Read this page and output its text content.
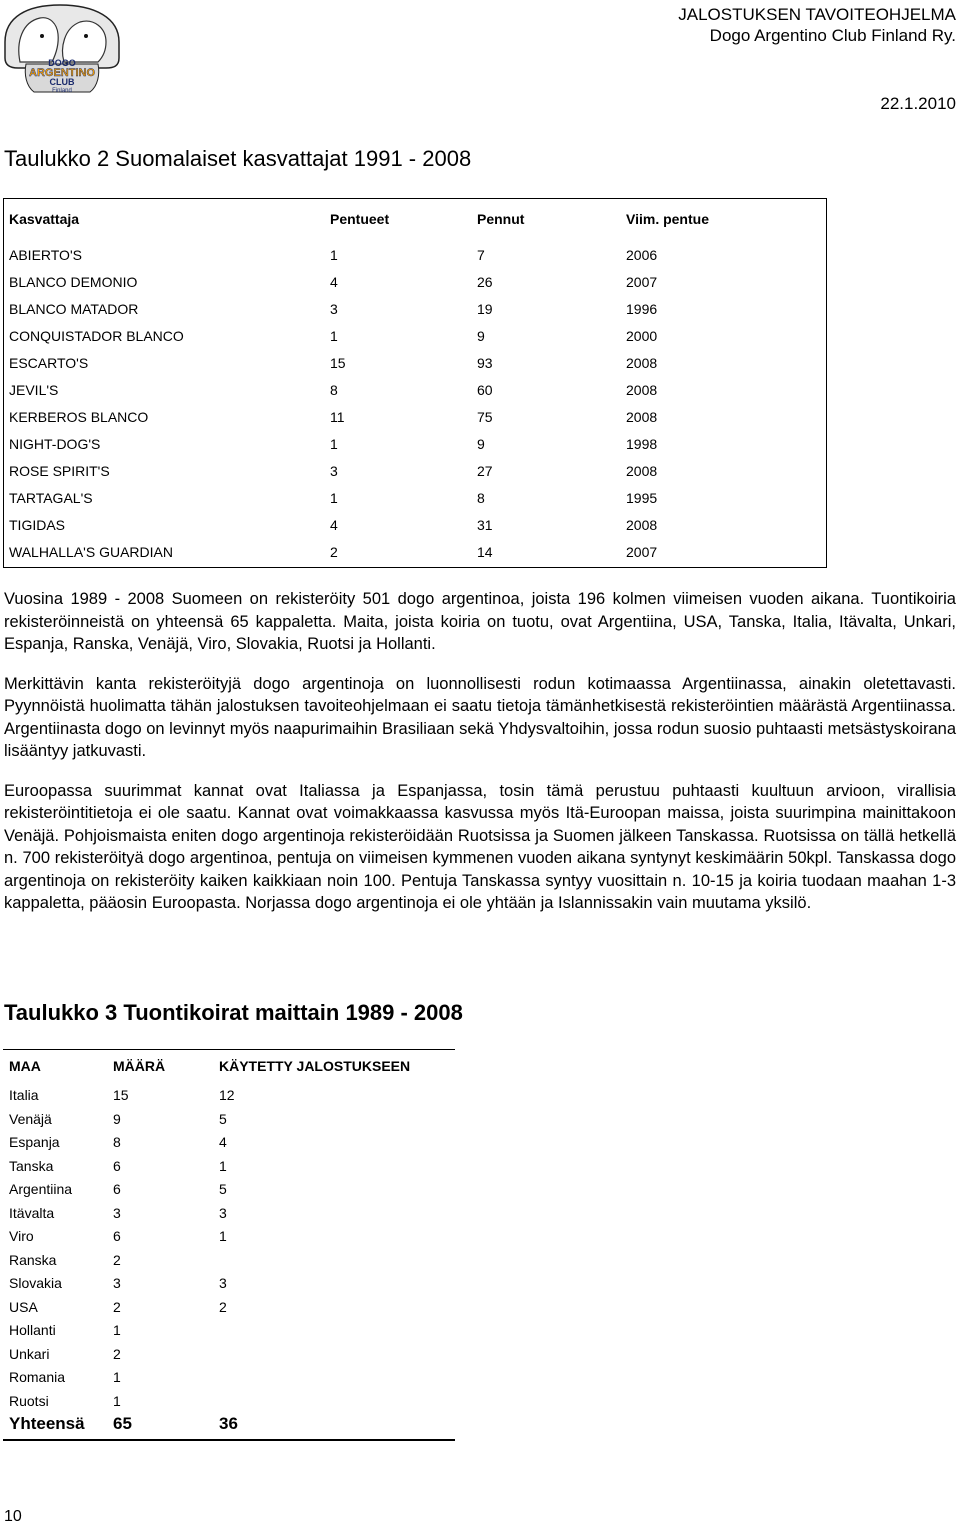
DOGO
ARGENTINO
CLUB
Finland
JALOSTUKSEN TAVOITEOHJELMA
Dogo Argentino Club Finland Ry.
22.1.2010
Taulukko 2 Suomalaiset kasvattajat 1991 - 2008
Kasvattaja	Pentueet	Pennut	Viim. pentue
ABIERTO'S	1	7	2006
BLANCO DEMONIO	4	26	2007
BLANCO MATADOR	3	19	1996
CONQUISTADOR BLANCO	1	9	2000
ESCARTO'S	15	93	2008
JEVIL'S	8	60	2008
KERBEROS BLANCO	11	75	2008
NIGHT-DOG'S	1	9	1998
ROSE SPIRIT'S	3	27	2008
TARTAGAL'S	1	8	1995
TIGIDAS	4	31	2008
WALHALLA'S GUARDIAN	2	14	2007

Vuosina 1989 - 2008 Suomeen on rekisteröity 501 dogo argentinoa, joista 196 kolmen viimeisen vuoden aikana. Tuontikoiria rekisteröinneistä on yhteensä 65 kappaletta. Maita, joista koiria on tuotu, ovat Argentiina, USA, Tanska, Italia, Itävalta, Unkari, Espanja, Ranska, Venäjä, Viro, Slovakia, Ruotsi ja Hollanti.

Merkittävin kanta rekisteröityjä dogo argentinoja on luonnollisesti rodun kotimaassa Argentiinassa, ainakin oletettavasti. Pyynnöistä huolimatta tähän jalostuksen tavoiteohjelmaan ei saatu tietoja tämänhetkisestä rekisteröintien määrästä Argentiinassa. Argentiinasta dogo on levinnyt myös naapurimaihin Brasiliaan sekä Yhdysvaltoihin, jossa rodun suosio puhtaasti metsästyskoirana lisääntyy jatkuvasti.

Euroopassa suurimmat kannat ovat Italiassa ja Espanjassa, tosin tämä perustuu puhtaasti kuultuun arvioon, virallisia rekisteröintitietoja ei ole saatu. Kannat ovat voimakkaassa kasvussa myös Itä-Euroopan maissa, joista suurimpina mainittakoon Venäjä. Pohjoismaista eniten dogo argentinoja rekisteröidään Ruotsissa ja Suomen jälkeen Tanskassa. Ruotsissa on tällä hetkellä n. 700 rekisteröityä dogo argentinoa, pentuja on viimeisen kymmenen vuoden aikana syntynyt keskimäärin 50kpl. Tanskassa dogo argentinoja on rekisteröity kaiken kaikkiaan noin 100. Pentuja Tanskassa syntyy vuosittain n. 10-15 ja koiria tuodaan maahan 1-3 kappaletta, pääosin Euroopasta. Norjassa dogo argentinoja ei ole yhtään ja Islannissakin vain muutama yksilö.

Taulukko 3 Tuontikoirat maittain 1989 - 2008
MAA	MÄÄRÄ	KÄYTETTY JALOSTUKSEEN
Italia	15	12
Venäjä	9	5
Espanja	8	4
Tanska	6	1
Argentiina	6	5
Itävalta	3	3
Viro	6	1
Ranska	2
Slovakia	3	3
USA	2	2
Hollanti	1
Unkari	2
Romania	1
Ruotsi	1
Yhteensä 65	36
10
